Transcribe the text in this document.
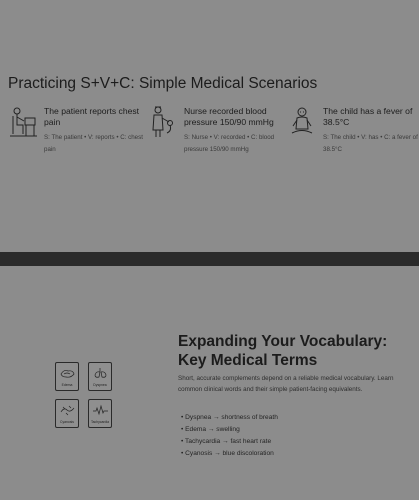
Practicing S+V+C: Simple Medical Scenarios

The patient reports chest pain

S: The patient • V: reports • C: chest pain

Nurse recorded blood pressure 150/90 mmHg

S: Nurse • V: recorded • C: blood pressure 150/90 mmHg

The child has a fever of 38.5°C

S: The child • V: has • C: a fever of 38.5°C

Edema	Dyspnea
Cyanosis	Tachycardia
Expanding Your Vocabulary: Key Medical Terms

Short, accurate complements depend on a reliable medical vocabulary. Learn common clinical words and their simple patient-facing equivalents.

• Dyspnea → shortness of breath
• Edema → swelling
• Tachycardia → fast heart rate
• Cyanosis → blue discoloration
